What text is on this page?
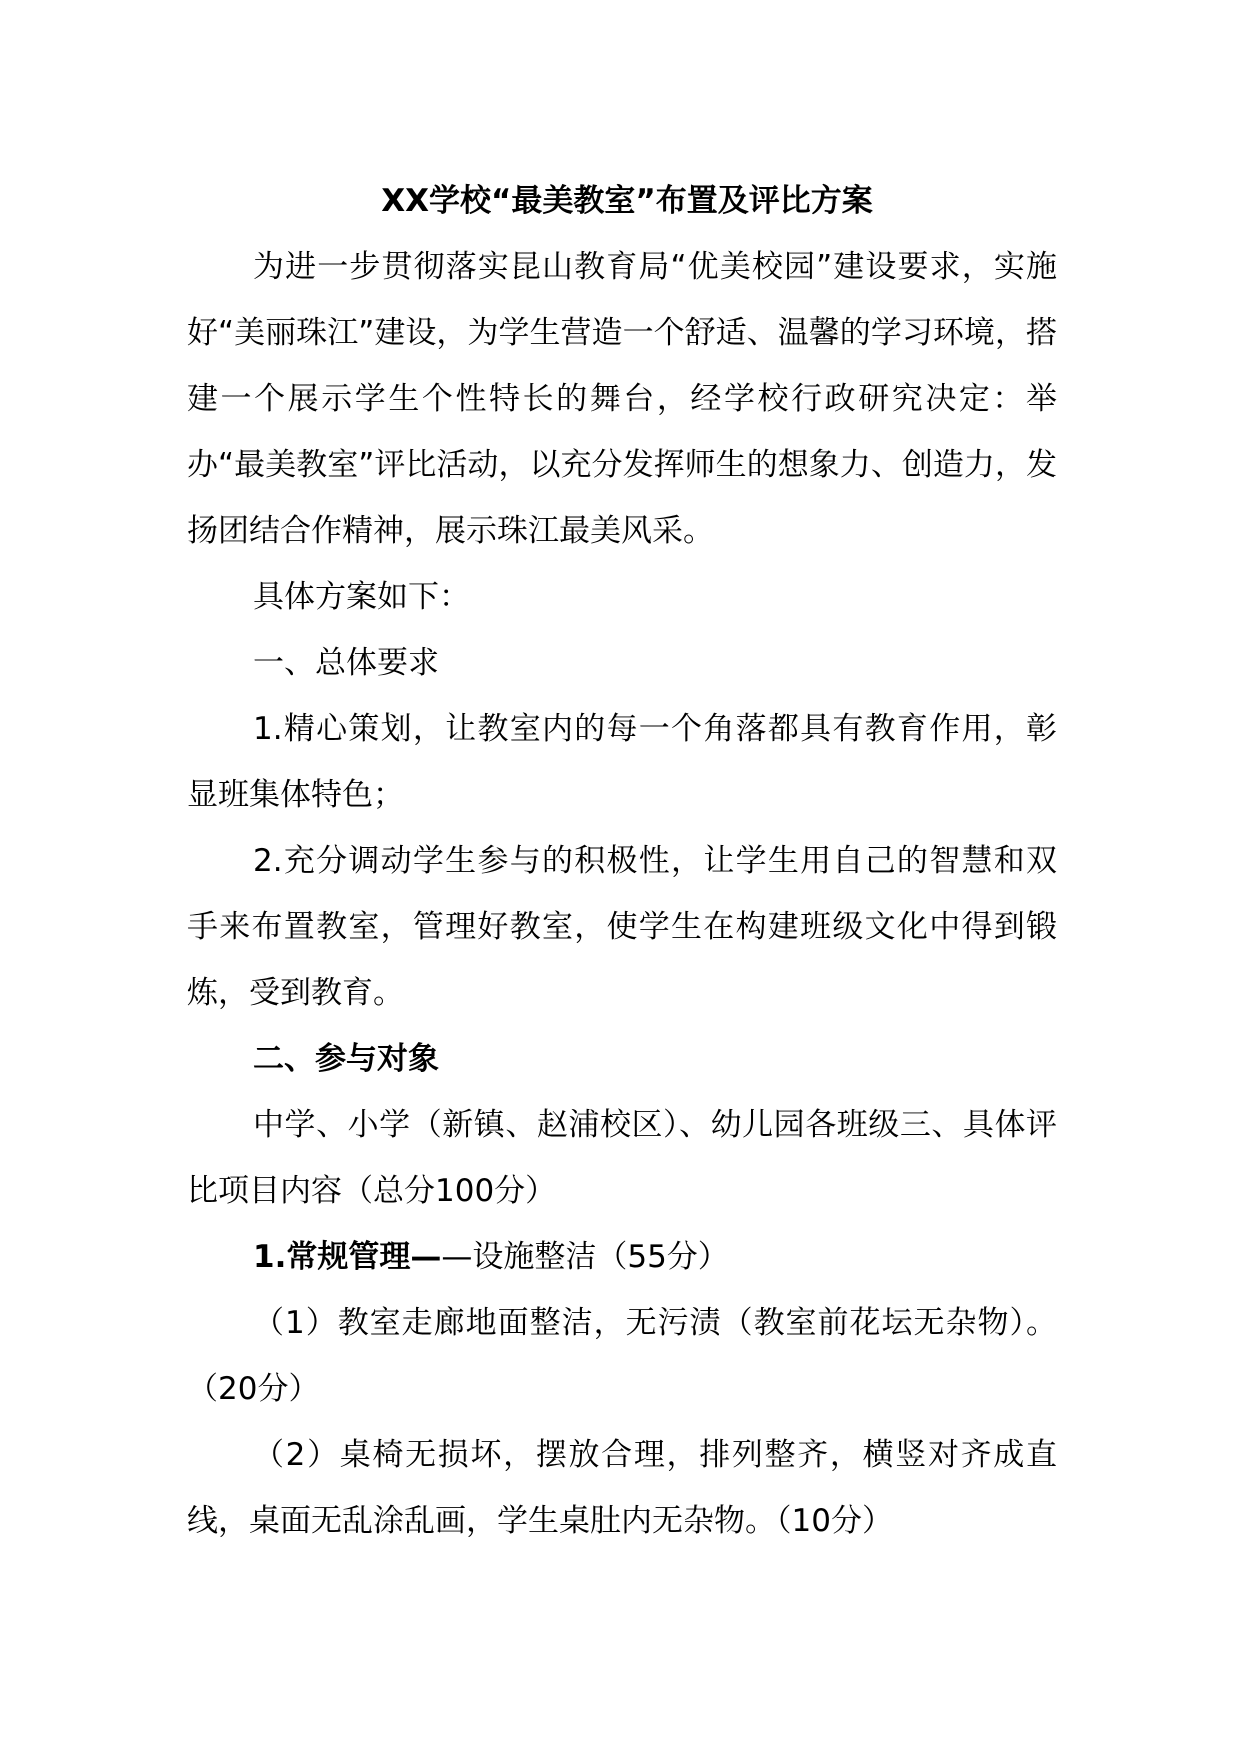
XX学校“最美教室”布置及评比方案

为进一步贯彻落实昆山教育局“优美校园”建设要求，实施好“美丽珠江”建设，为学生营造一个舒适、温馨的学习环境，搭建一个展示学生个性特长的舞台，经学校行政研究决定：举办“最美教室”评比活动，以充分发挥师生的想象力、创造力，发扬团结合作精神，展示珠江最美风采。

具体方案如下：

一、总体要求

1.精心策划，让教室内的每一个角落都具有教育作用，彰显班集体特色；

2.充分调动学生参与的积极性，让学生用自己的智慧和双手来布置教室，管理好教室，使学生在构建班级文化中得到锻炼，受到教育。

二、参与对象

中学、小学（新镇、赵浦校区）、幼儿园各班级三、具体评比项目内容（总分100分）

1.常规管理——设施整洁（55分）

（1）教室走廊地面整洁，无污渍（教室前花坛无杂物）。（20分）

（2）桌椅无损坏，摆放合理，排列整齐，横竖对齐成直线，桌面无乱涂乱画，学生桌肚内无杂物。（10分）
